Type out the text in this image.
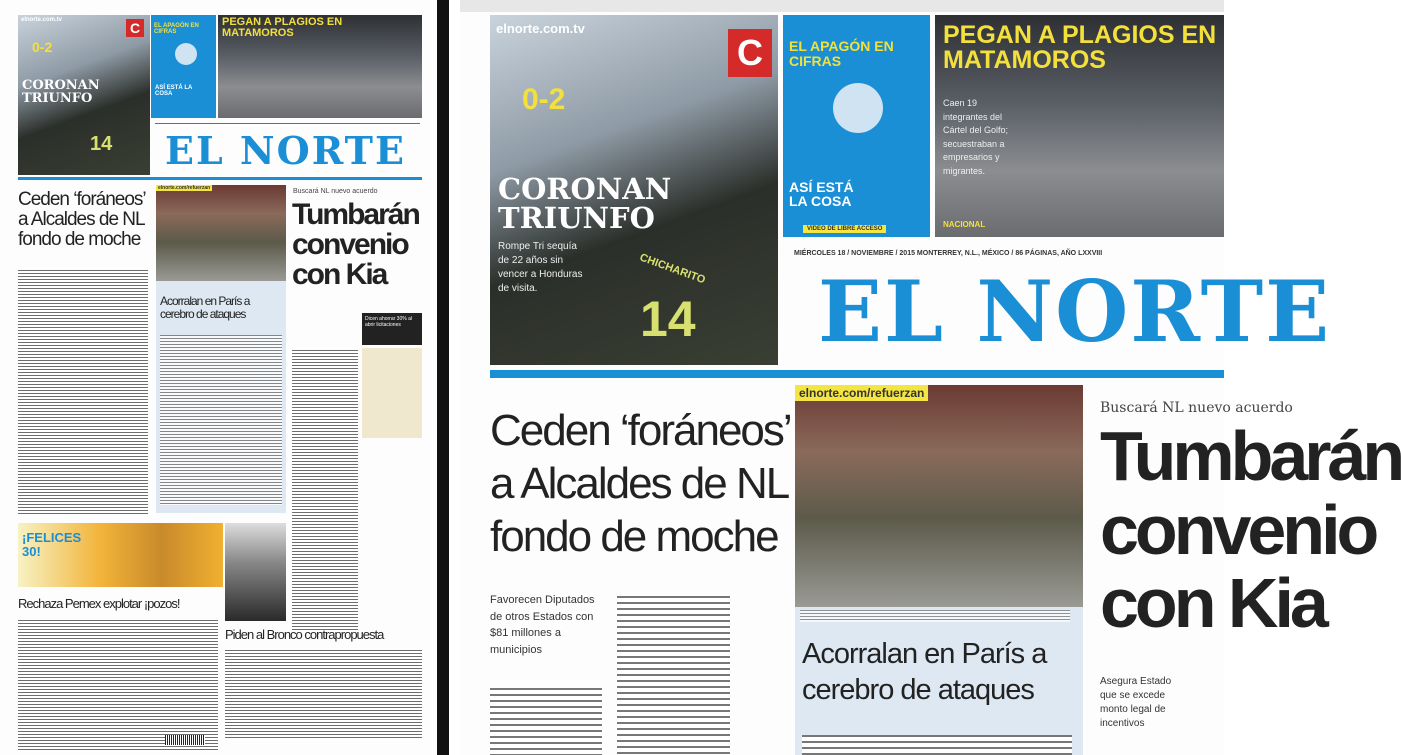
elnorte.com.tv	C
0-2
CORONAN TRIUNFO
14
EL APAGÓN EN CIFRAS
ASÍ ESTÁ LA COSA
PEGAN A PLAGIOS EN MATAMOROS
EL NORTE
Ceden ‘foráneos’ a Alcaldes de NL fondo de moche
elnorte.com/refuerzan
Acorralan en París a cerebro de ataques
Buscará NL nuevo acuerdo
Tumbarán convenio con Kia
Dicen ahorrar 30% al abrir licitaciones
¡FELICES 30!
Rechaza Pemex explotar ¡pozos!
Piden al Bronco contrapropuesta
elnorte.com.tv
C
0-2
CORONAN TRIUNFO
Rompe Tri sequía de 22 años sin vencer a Honduras de visita.
CHICHARITO
14
EL APAGÓN EN CIFRAS
ASÍ ESTÁ LA COSA
VIDEO DE LIBRE ACCESO
PEGAN A PLAGIOS EN MATAMOROS
Caen 19 integrantes del Cártel del Golfo; secuestraban a empresarios y migrantes.
NACIONAL
MIÉRCOLES 18 / NOVIEMBRE / 2015 MONTERREY, N.L., MÉXICO / 86 PÁGINAS, AÑO LXXVIII
EL NORTE
Ceden ‘foráneos’ a Alcaldes de NL fondo de moche
Favorecen Diputados de otros Estados con $81 millones a municipios
elnorte.com/refuerzan
Acorralan en París a cerebro de ataques
Buscará NL nuevo acuerdo
Tumbarán convenio con Kia
Asegura Estado que se excede monto legal de incentivos
